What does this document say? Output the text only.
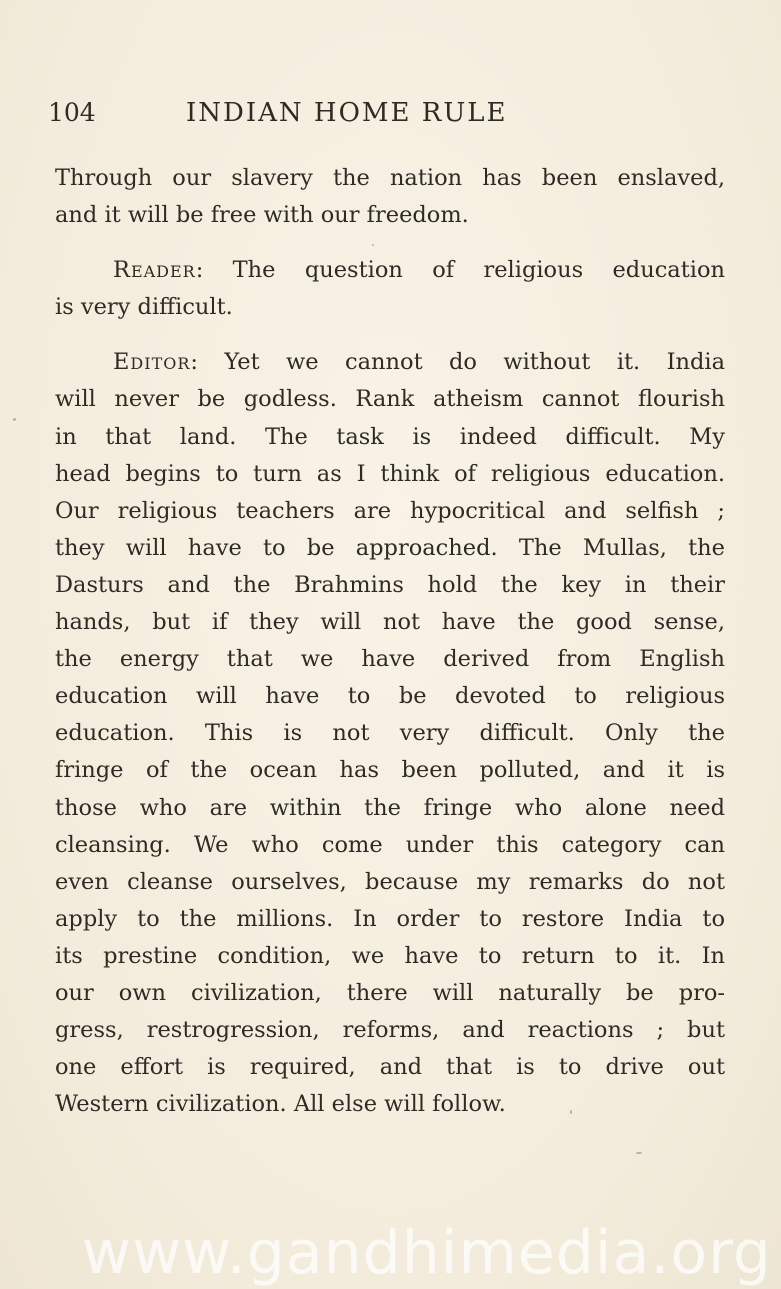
104	INDIAN HOME RULE
Through our slavery the nation has been enslaved,
and it will be free with our freedom.
Reader: The question of religious education
is very difficult.
Editor: Yet we cannot do without it. India
will never be godless. Rank atheism cannot flourish
in that land. The task is indeed difficult. My
head begins to turn as I think of religious education.
Our religious teachers are hypocritical and selfish ;
they will have to be approached. The Mullas, the
Dasturs and the Brahmins hold the key in their
hands, but if they will not have the good sense,
the energy that we have derived from English
education will have to be devoted to religious
education. This is not very difficult. Only the
fringe of the ocean has been polluted, and it is
those who are within the fringe who alone need
cleansing. We who come under this category can
even cleanse ourselves, because my remarks do not
apply to the millions. In order to restore India to
its prestine condition, we have to return to it. In
our own civilization, there will naturally be pro-
gress, restrogression, reforms, and reactions ; but
one effort is required, and that is to drive out
Western civilization. All else will follow.
www.gandhimedia.org
